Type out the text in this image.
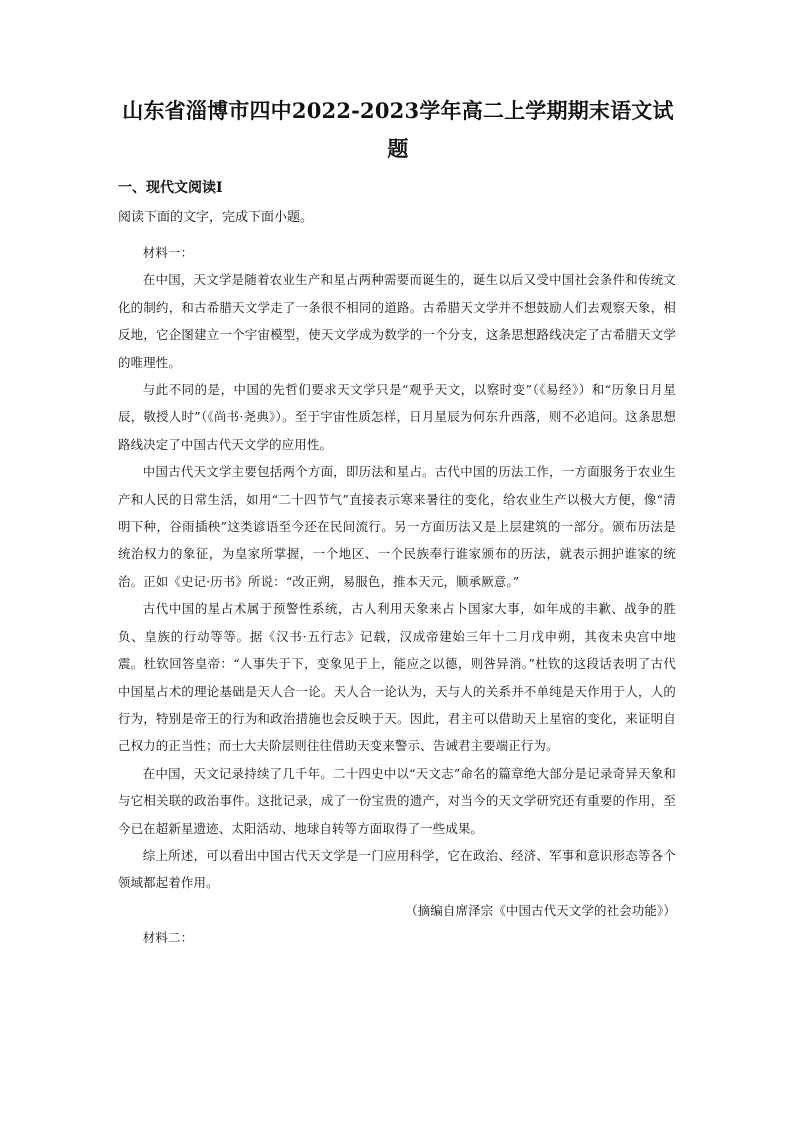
山东省淄博市四中2022-2023学年高二上学期期末语文试题
一、现代文阅读Ⅰ
阅读下面的文字，完成下面小题。

材料一：

在中国，天文学是随着农业生产和星占两种需要而诞生的，诞生以后又受中国社会条件和传统文化的制约，和古希腊天文学走了一条很不相同的道路。古希腊天文学并不想鼓励人们去观察天象，相反地，它企图建立一个宇宙模型，使天文学成为数学的一个分支，这条思想路线决定了古希腊天文学的唯理性。

与此不同的是，中国的先哲们要求天文学只是“观乎天文，以察时变”（《易经》）和“历象日月星辰，敬授人时”（《尚书·尧典》）。至于宇宙性质怎样，日月星辰为何东升西落，则不必追问。这条思想路线决定了中国古代天文学的应用性。

中国古代天文学主要包括两个方面，即历法和星占。古代中国的历法工作，一方面服务于农业生产和人民的日常生活，如用“二十四节气”直接表示寒来暑往的变化，给农业生产以极大方便，像“清明下种，谷雨插秧”这类谚语至今还在民间流行。另一方面历法又是上层建筑的一部分。颁布历法是统治权力的象征，为皇家所掌握，一个地区、一个民族奉行谁家颁布的历法，就表示拥护谁家的统治。正如《史记·历书》所说：“改正朔，易服色，推本天元，顺承厥意。”

古代中国的星占术属于预警性系统，古人利用天象来占卜国家大事，如年成的丰歉、战争的胜负、皇族的行动等等。据《汉书·五行志》记载，汉成帝建始三年十二月戊申朔，其夜未央宫中地震。杜钦回答皇帝：“人事失于下，变象见于上，能应之以德，则咎异消。”杜钦的这段话表明了古代中国星占术的理论基础是天人合一论。天人合一论认为，天与人的关系并不单纯是天作用于人，人的行为，特别是帝王的行为和政治措施也会反映于天。因此，君主可以借助天上星宿的变化，来证明自己权力的正当性；而士大夫阶层则往往借助天变来警示、告诫君主要端正行为。

在中国，天文记录持续了几千年。二十四史中以“天文志”命名的篇章绝大部分是记录奇异天象和与它相关联的政治事件。这批记录，成了一份宝贵的遗产，对当今的天文学研究还有重要的作用，至今已在超新星遗迹、太阳活动、地球自转等方面取得了一些成果。

综上所述，可以看出中国古代天文学是一门应用科学，它在政治、经济、军事和意识形态等各个领域都起着作用。

（摘编自席泽宗《中国古代天文学的社会功能》）

材料二：
